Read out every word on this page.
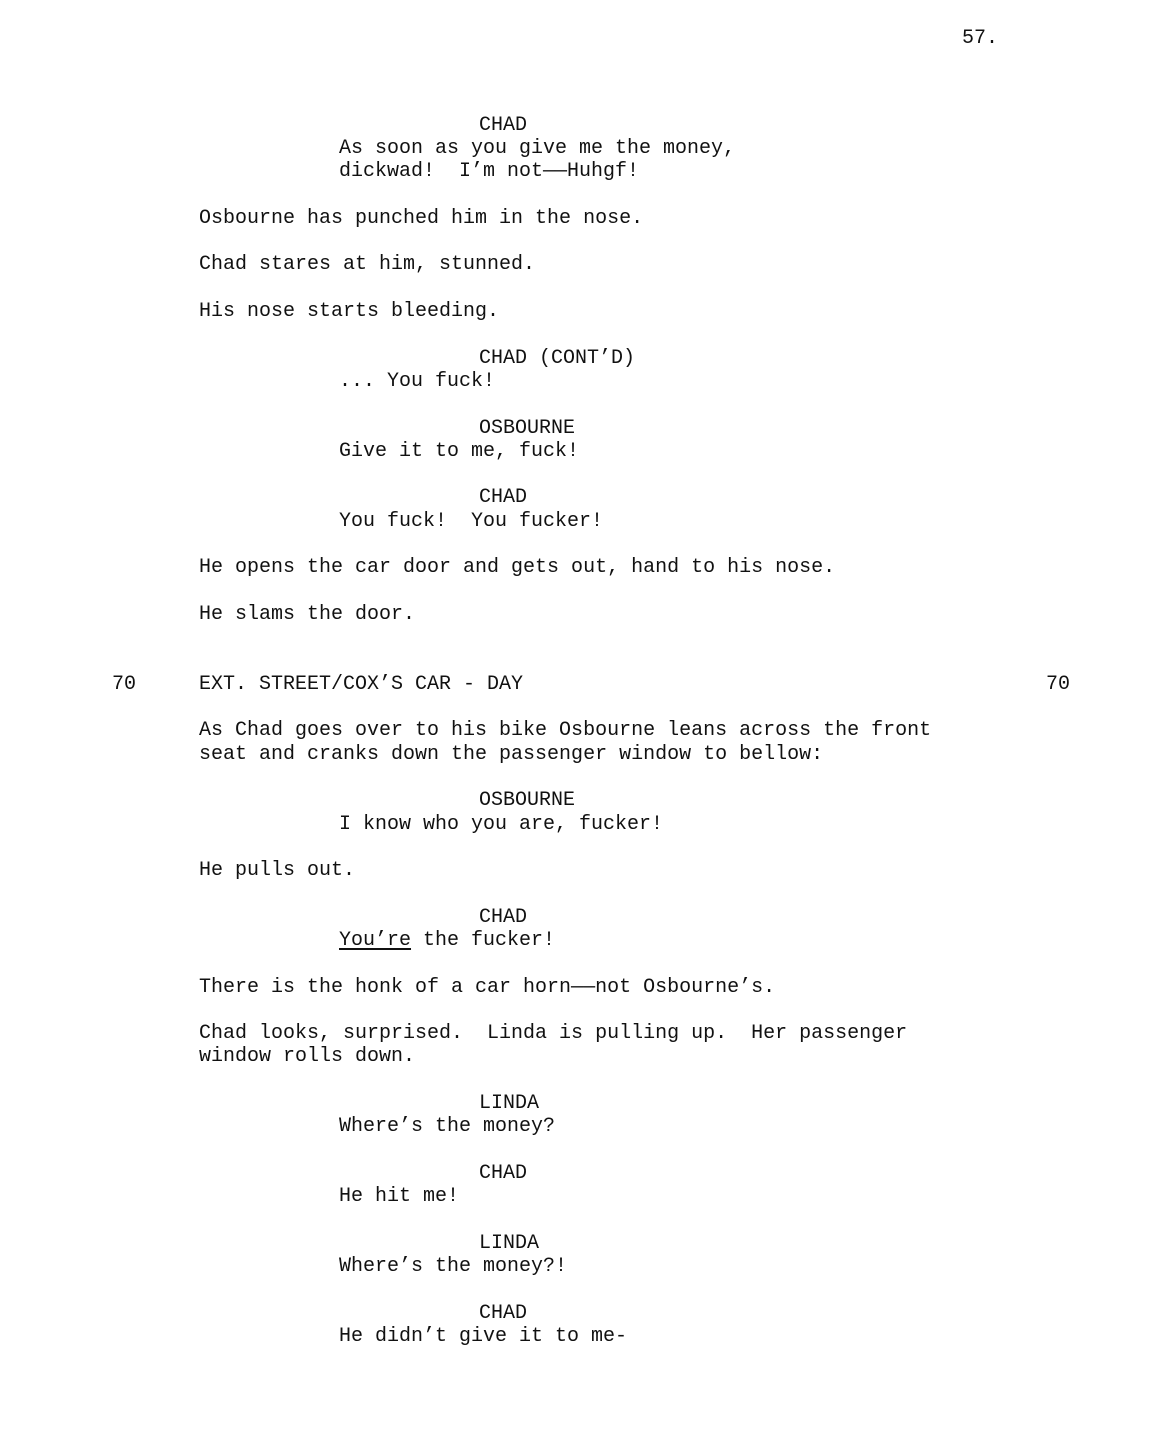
57.
CHAD
As soon as you give me the money,
dickwad!  I’m not——Huhgf!
Osbourne has punched him in the nose.
Chad stares at him, stunned.
His nose starts bleeding.
CHAD (CONT’D)
... You fuck!
OSBOURNE
Give it to me, fuck!
CHAD
You fuck!  You fucker!
He opens the car door and gets out, hand to his nose.
He slams the door.
70	EXT. STREET/COX’S CAR - DAY	70
As Chad goes over to his bike Osbourne leans across the front
seat and cranks down the passenger window to bellow:
OSBOURNE
I know who you are, fucker!
He pulls out.
CHAD
You’re the fucker!
There is the honk of a car horn——not Osbourne’s.
Chad looks, surprised.  Linda is pulling up.  Her passenger
window rolls down.
LINDA
Where’s the money?
CHAD
He hit me!
LINDA
Where’s the money?!
CHAD
He didn’t give it to me-
